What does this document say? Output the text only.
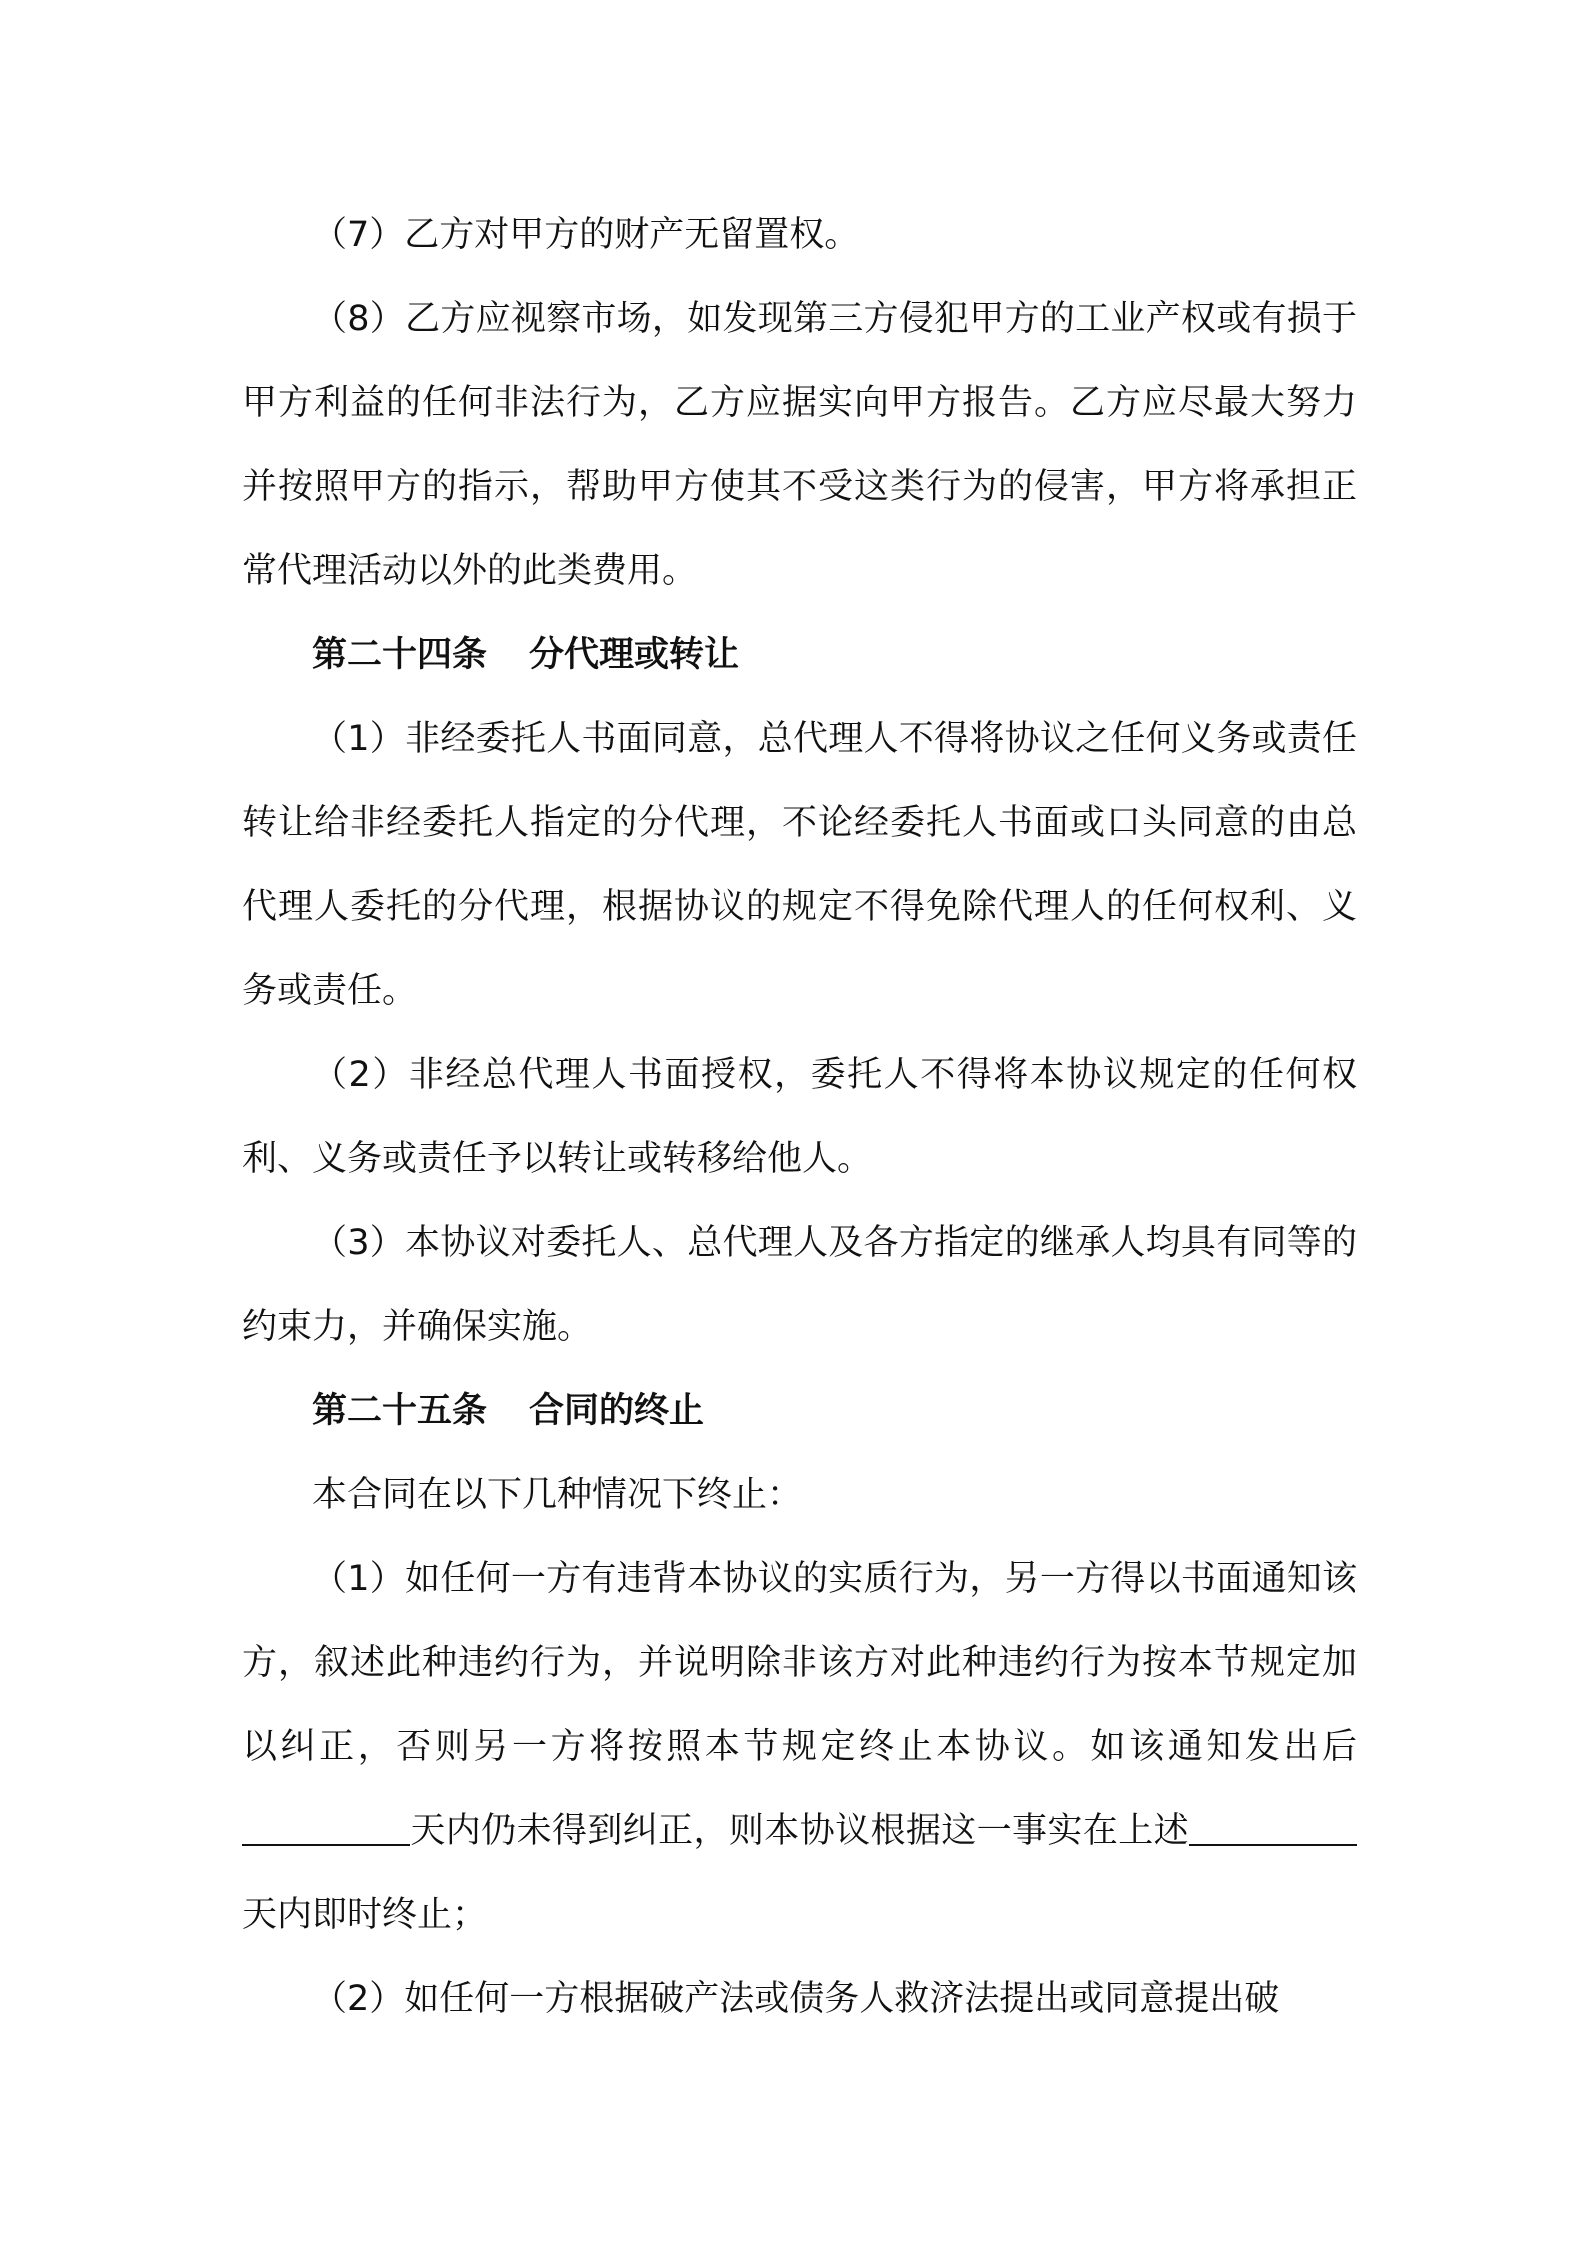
（7）乙方对甲方的财产无留置权。

（8）乙方应视察市场，如发现第三方侵犯甲方的工业产权或有损于甲方利益的任何非法行为，乙方应据实向甲方报告。乙方应尽最大努力并按照甲方的指示，帮助甲方使其不受这类行为的侵害，甲方将承担正常代理活动以外的此类费用。

第二十四条 分代理或转让

（1）非经委托人书面同意，总代理人不得将协议之任何义务或责任转让给非经委托人指定的分代理，不论经委托人书面或口头同意的由总代理人委托的分代理，根据协议的规定不得免除代理人的任何权利、义务或责任。

（2）非经总代理人书面授权，委托人不得将本协议规定的任何权利、义务或责任予以转让或转移给他人。

（3）本协议对委托人、总代理人及各方指定的继承人均具有同等的约束力，并确保实施。

第二十五条 合同的终止

本合同在以下几种情况下终止：

（1）如任何一方有违背本协议的实质行为，另一方得以书面通知该方，叙述此种违约行为，并说明除非该方对此种违约行为按本节规定加以纠正，否则另一方将按照本节规定终止本协议。如该通知发出后天内仍未得到纠正，则本协议根据这一事实在上述天内即时终止；

（2）如任何一方根据破产法或债务人救济法提出或同意提出破
